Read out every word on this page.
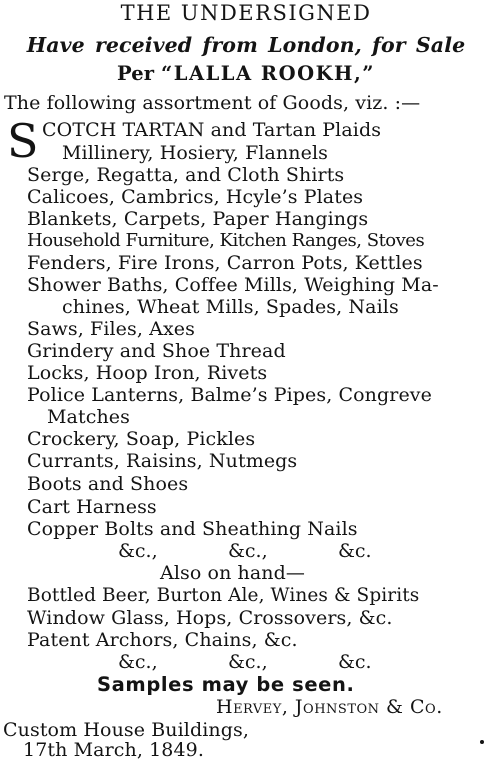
THE UNDERSIGNED
Have received from London, for Sale
Per “LALLA ROOKH,”
The following assortment of Goods, viz. :—
S COTCH TARTAN and Tartan Plaids
Millinery, Hosiery, Flannels
Serge, Regatta, and Cloth Shirts
Calicoes, Cambrics, Hcyle’s Plates
Blankets, Carpets, Paper Hangings
Household Furniture, Kitchen Ranges, Stoves
Fenders, Fire Irons, Carron Pots, Kettles
Shower Baths, Coffee Mills, Weighing Ma-
chines, Wheat Mills, Spades, Nails
Saws, Files, Axes
Grindery and Shoe Thread
Locks, Hoop Iron, Rivets
Police Lanterns, Balme’s Pipes, Congreve
Matches
Crockery, Soap, Pickles
Currants, Raisins, Nutmegs
Boots and Shoes
Cart Harness
Copper Bolts and Sheathing Nails
&c.,	&c.,	&c.
Also on hand—
Bottled Beer, Burton Ale, Wines & Spirits
Window Glass, Hops, Crossovers, &c.
Patent Archors, Chains, &c.
&c.,	&c.,	&c.
Samples may be seen.
Hervey, Johnston & Co.
Custom House Buildings,
17th March, 1849.
